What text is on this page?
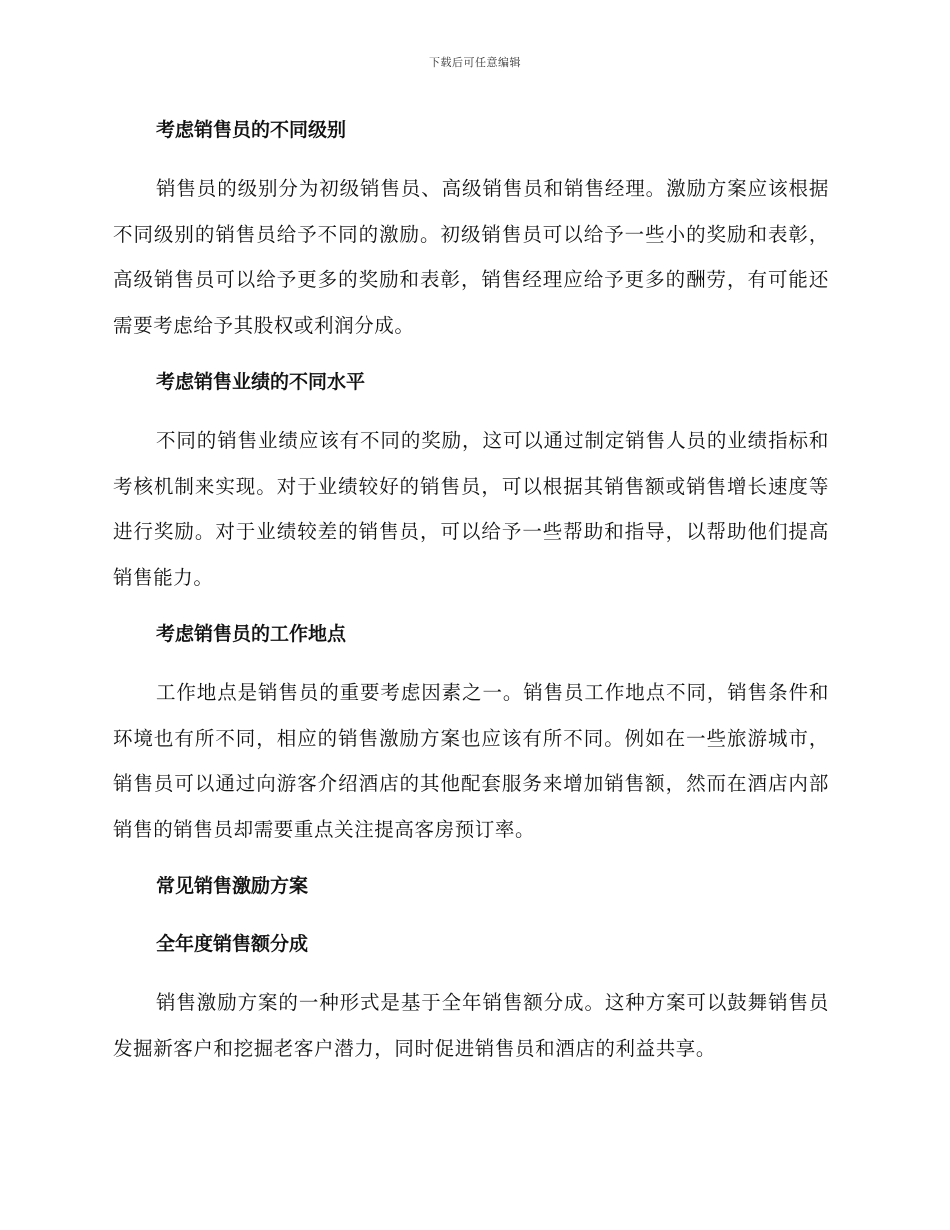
下载后可任意编辑
考虑销售员的不同级别

销售员的级别分为初级销售员、高级销售员和销售经理。激励方案应该根据不同级别的销售员给予不同的激励。初级销售员可以给予一些小的奖励和表彰，高级销售员可以给予更多的奖励和表彰，销售经理应给予更多的酬劳，有可能还需要考虑给予其股权或利润分成。

考虑销售业绩的不同水平

不同的销售业绩应该有不同的奖励，这可以通过制定销售人员的业绩指标和考核机制来实现。对于业绩较好的销售员，可以根据其销售额或销售增长速度等进行奖励。对于业绩较差的销售员，可以给予一些帮助和指导，以帮助他们提高销售能力。

考虑销售员的工作地点

工作地点是销售员的重要考虑因素之一。销售员工作地点不同，销售条件和环境也有所不同，相应的销售激励方案也应该有所不同。例如在一些旅游城市，销售员可以通过向游客介绍酒店的其他配套服务来增加销售额，然而在酒店内部销售的销售员却需要重点关注提高客房预订率。

常见销售激励方案
全年度销售额分成

销售激励方案的一种形式是基于全年销售额分成。这种方案可以鼓舞销售员发掘新客户和挖掘老客户潜力，同时促进销售员和酒店的利益共享。
